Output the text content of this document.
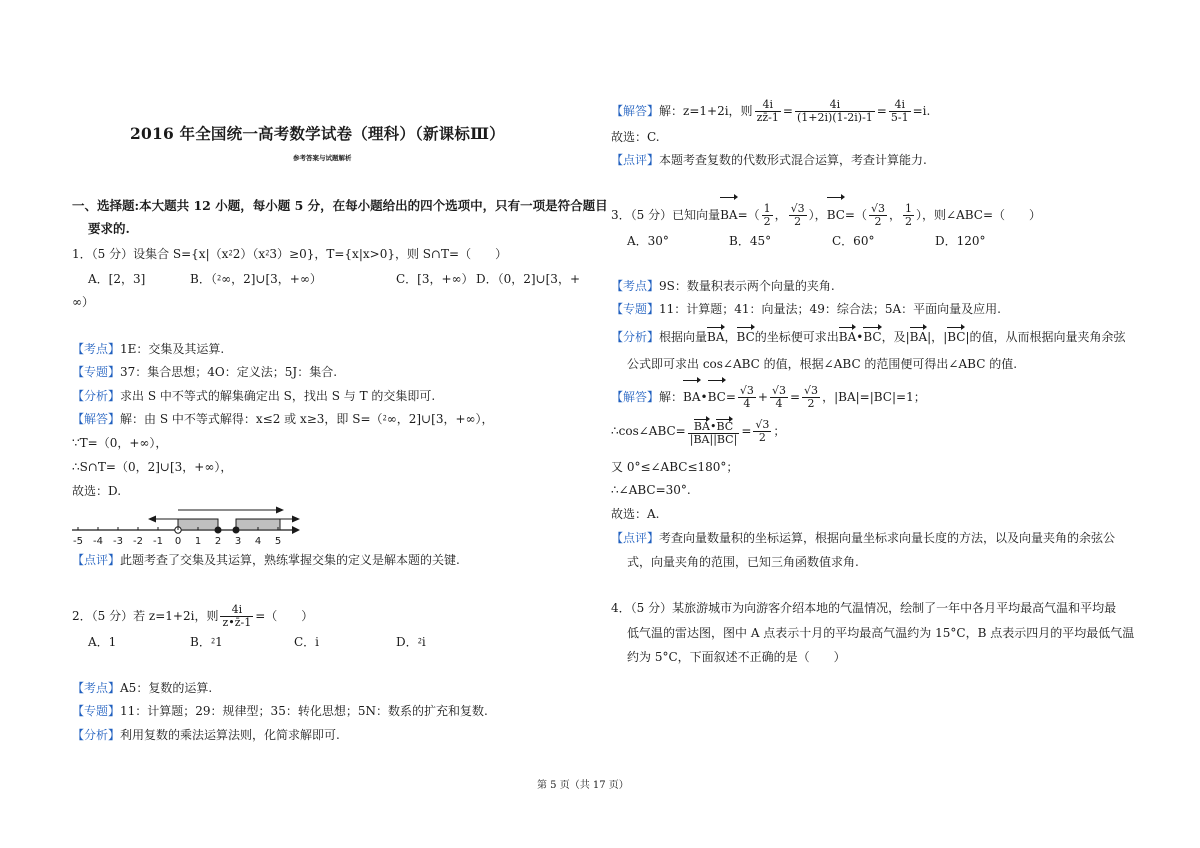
2016 年全国统一高考数学试卷（理科）（新课标Ⅲ）
参考答案与试题解析
一、选择题:本大题共 12 小题，每小题 5 分，在每小题给出的四个选项中，只有一项是符合题目
要求的.
1．（5 分）设集合 S={x|（x⁲2）（x⁲3）≥0}，T={x|x>0}，则 S∩T=（　　）
A．[2，3]	B．（⁲∞，2]∪[3，+∞）	C．[3，+∞） D．（0，2]∪[3，+
∞）
【考点】1E：交集及其运算.
【专题】37：集合思想；4O：定义法；5J：集合.
【分析】求出 S 中不等式的解集确定出 S，找出 S 与 T 的交集即可.
【解答】解：由 S 中不等式解得：x≤2 或 x≥3，即 S=（⁲∞，2]∪[3，+∞），
∵T=（0，+∞），
∴S∩T=（0，2]∪[3，+∞），
故选：D.
-5 -4 -3 -2 -1 0 1 2 3 4 5
【点评】此题考查了交集及其运算，熟练掌握交集的定义是解本题的关键.
2．（5 分）若 z=1+2i，则 $\frac{4i}{z•z̄-1}$ =（　　）
A．1	B．⁲1	C．i	D．⁲i
【考点】A5：复数的运算.
【专题】11：计算题；29：规律型；35：转化思想；5N：数系的扩充和复数.
【分析】利用复数的乘法运算法则，化简求解即可.
【解答】解：z=1+2i，则 $\frac{4i}{zz̄-1} = \frac{4i}{(1+2i)(1-2i)-1} = \frac{4i}{5-1} =i$.
故选：C.
【点评】本题考查复数的代数形式混合运算，考查计算能力.
3．（5 分）已知向量$BA=( \frac{1}{2}$ ， $\frac{√3}{2}$ ），$BC=( \frac{√3}{2}$ ， $\frac{1}{2}$ ），则∠ABC=（　　）
A．30°	B．45°	C．60°	D．120°
【考点】9S：数量积表示两个向量的夹角.
【专题】11：计算题；41：向量法；49：综合法；5A：平面向量及应用.
【分析】根据向量BA，BC的坐标便可求出BA•BC，及|BA|，|BC|的值，从而根据向量夹角余弦
公式即可求出 cos∠ABC 的值，根据∠ABC 的范围便可得出∠ABC 的值.
【解答】解：BA•BC= $\frac{√3}{4} + \frac{√3}{4} = \frac{√3}{2}$ ，|BA|=|BC|=1；
∴cos∠ABC= $\frac{BA•BC}{|BA||BC|} = \frac{√3}{2}$ ；
又 0°≤∠ABC≤180°；
∴∠ABC=30°.
故选：A.
【点评】考查向量数量积的坐标运算，根据向量坐标求向量长度的方法，以及向量夹角的余弦公
式，向量夹角的范围，已知三角函数值求角.
4．（5 分）某旅游城市为向游客介绍本地的气温情况，绘制了一年中各月平均最高气温和平均最
低气温的雷达图，图中 A 点表示十月的平均最高气温约为 15°C，B 点表示四月的平均最低气温
约为 5°C，下面叙述不正确的是（　　）
第 5 页（共 17 页）
